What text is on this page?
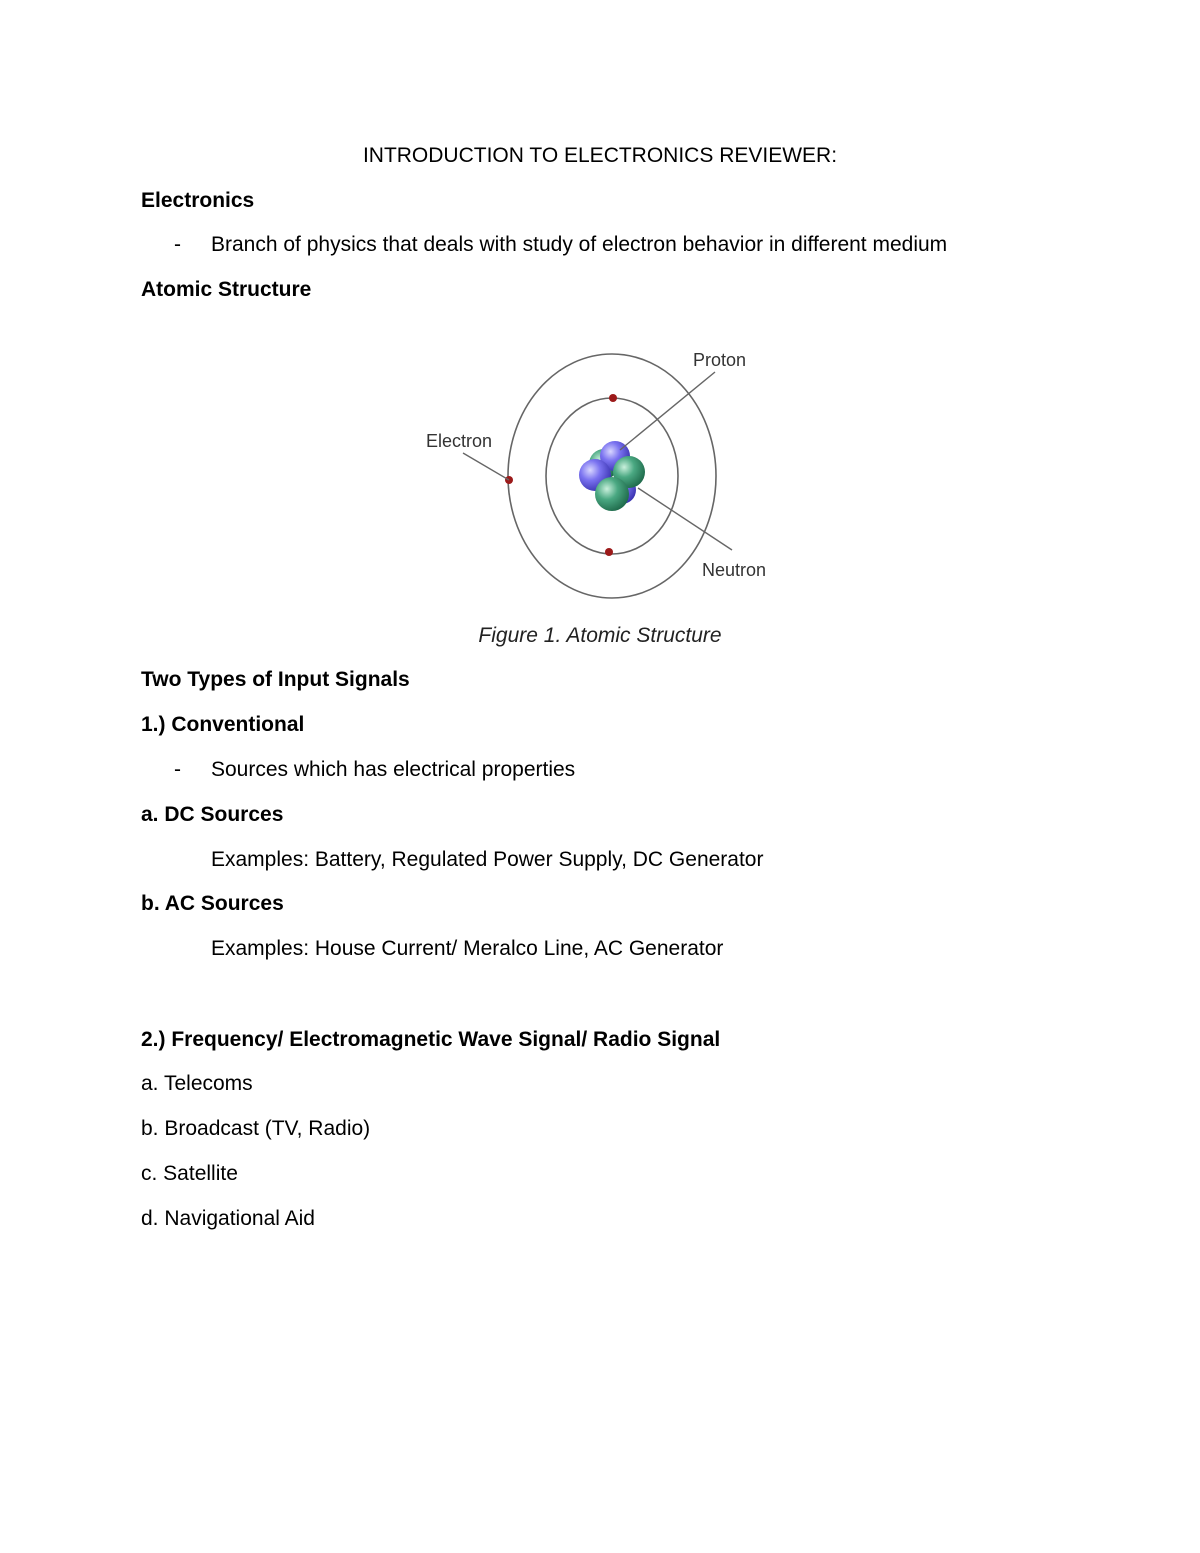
INTRODUCTION TO ELECTRONICS REVIEWER:
Electronics
- Branch of physics that deals with study of electron behavior in different medium
Atomic Structure
Proton
Electron
Neutron
Figure 1. Atomic Structure
Two Types of Input Signals
1.) Conventional
- Sources which has electrical properties
a. DC Sources
Examples: Battery, Regulated Power Supply, DC Generator
b. AC Sources
Examples: House Current/ Meralco Line, AC Generator
2.) Frequency/ Electromagnetic Wave Signal/ Radio Signal
a. Telecoms
b. Broadcast (TV, Radio)
c. Satellite
d. Navigational Aid
